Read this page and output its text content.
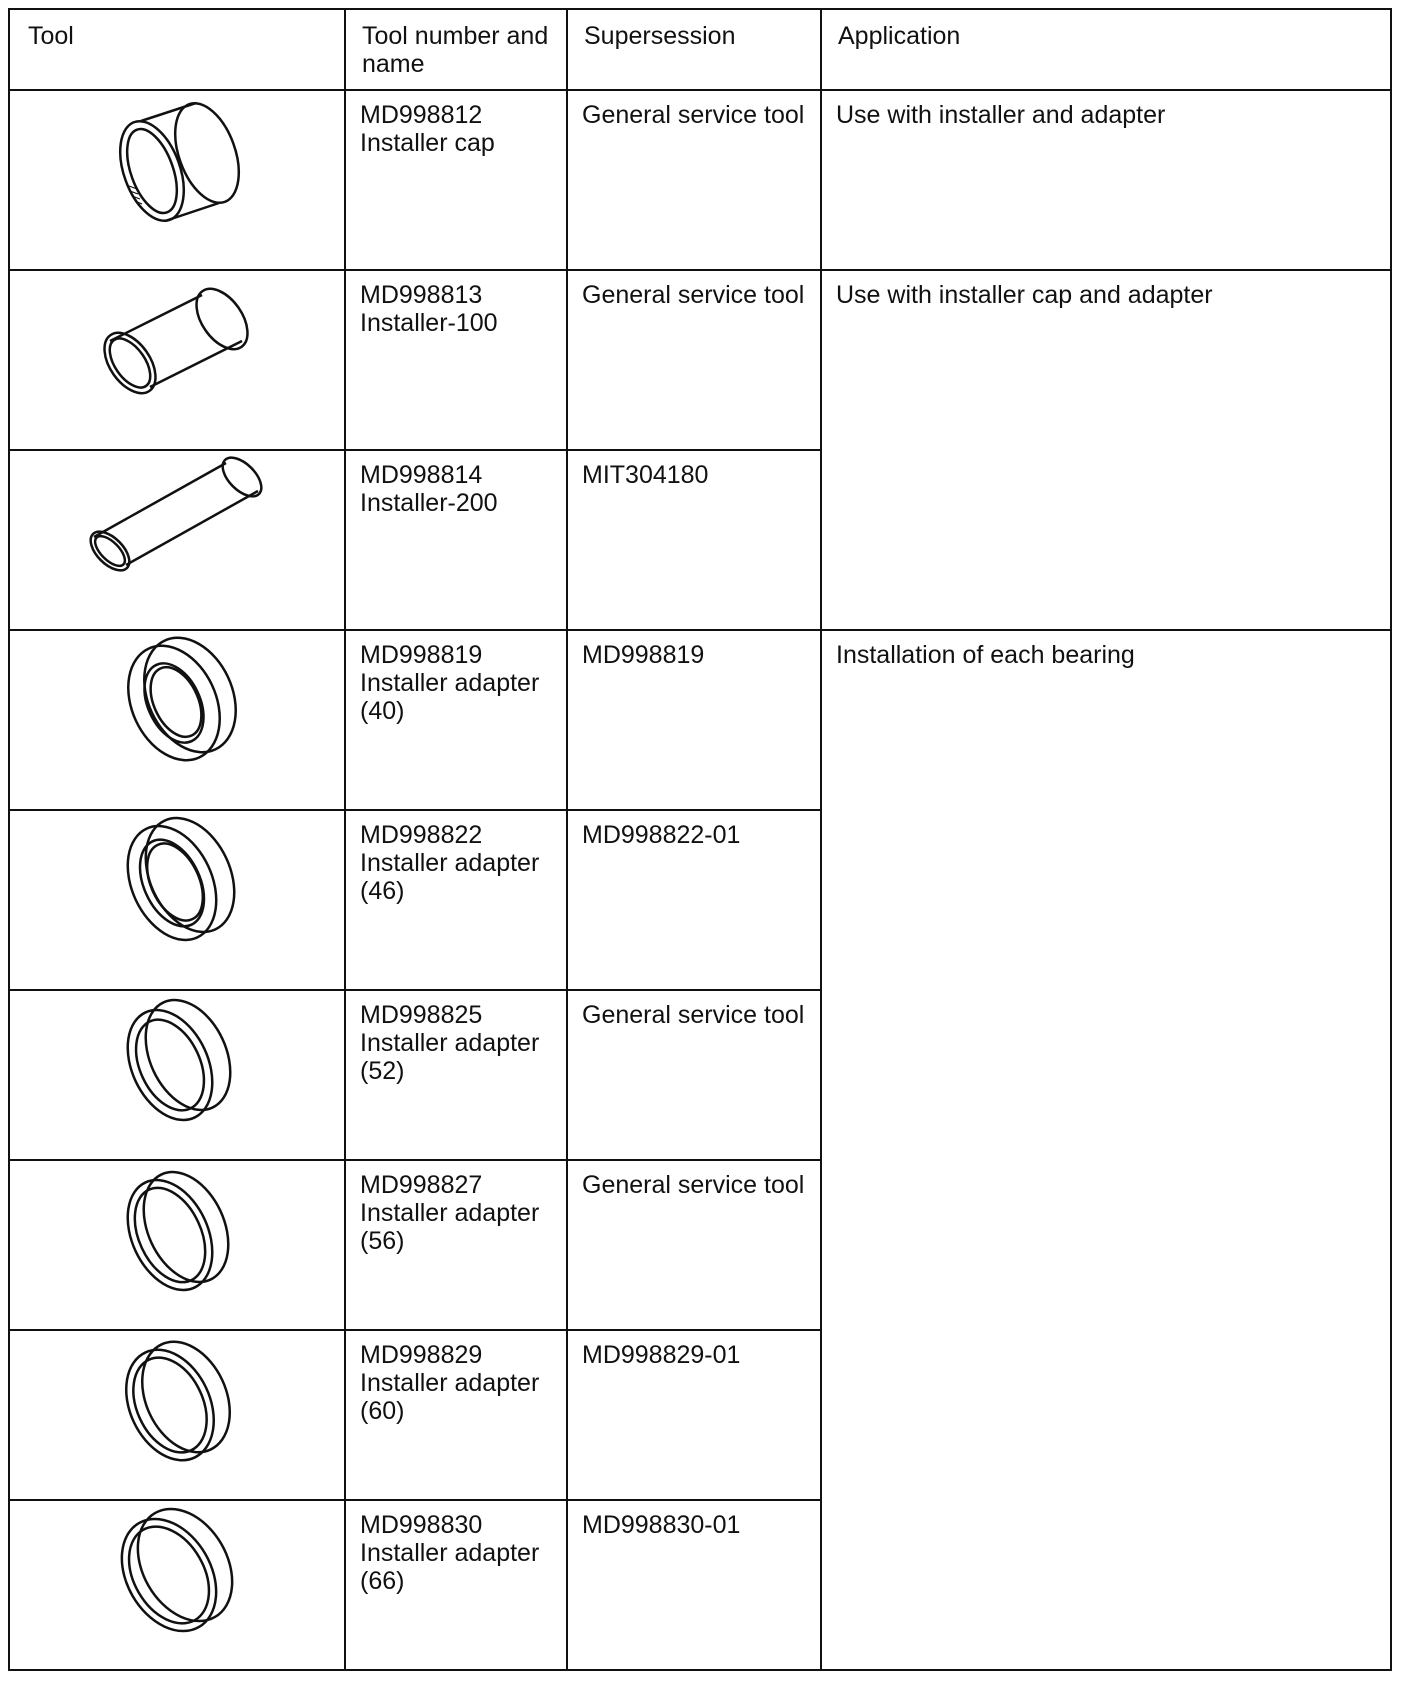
Tool	Tool number and name	Supersession	Application

MD998812
Installer cap	General service tool	Use with installer and adapter

MD998813
Installer-100	General service tool	Use with installer cap and adapter

MD998814
Installer-200	MIT304180	

MD998819
Installer adapter (40)	MD998819	Installation of each bearing

MD998822
Installer adapter (46)	MD998822-01	

MD998825
Installer adapter (52)	General service tool	

MD998827
Installer adapter (56)	General service tool	

MD998829
Installer adapter (60)	MD998829-01	

MD998830
Installer adapter (66)	MD998830-01	
